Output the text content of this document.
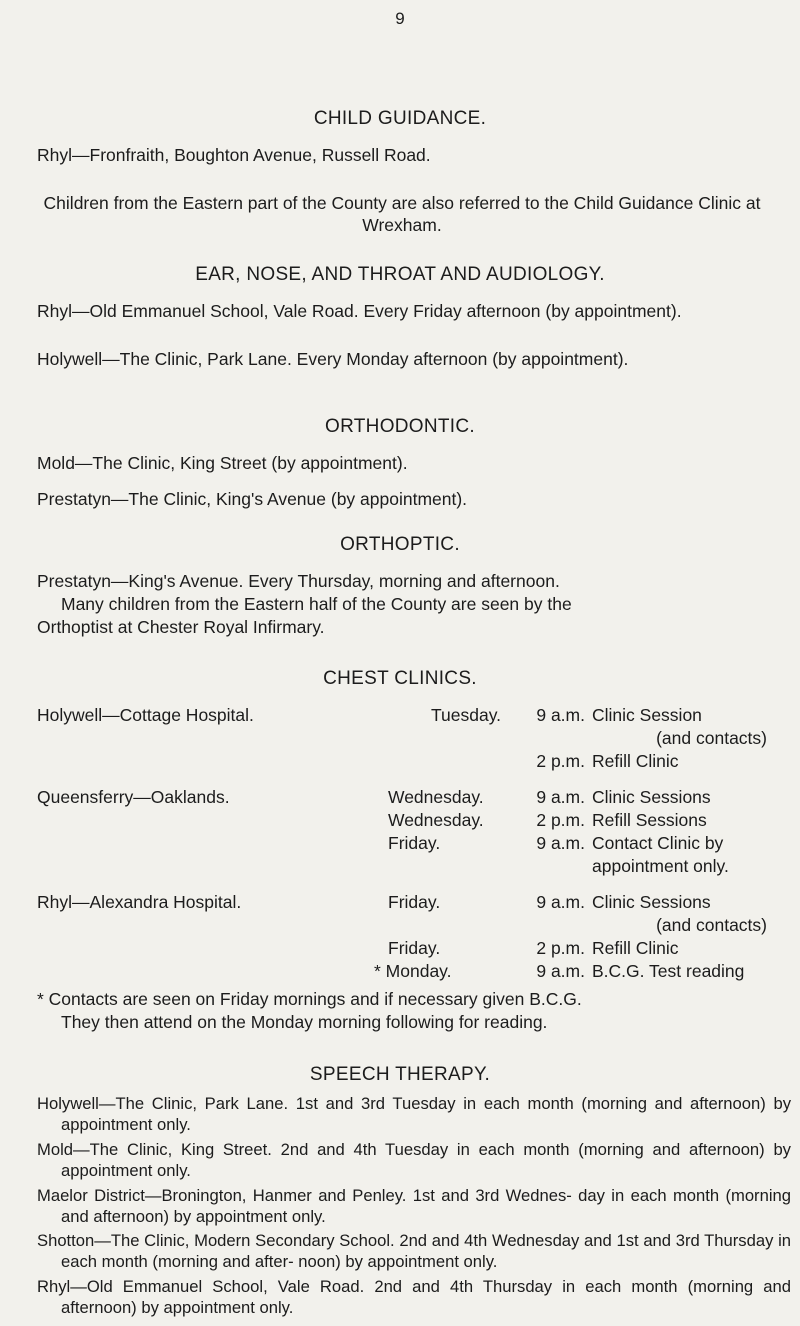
9
CHILD GUIDANCE.
Rhyl—Fronfraith, Boughton Avenue, Russell Road.
Children from the Eastern part of the County are also referred to the Child Guidance Clinic at Wrexham.
EAR, NOSE, AND THROAT AND AUDIOLOGY.
Rhyl—Old Emmanuel School, Vale Road. Every Friday afternoon (by appointment).
Holywell—The Clinic, Park Lane. Every Monday afternoon (by appointment).
ORTHODONTIC.
Mold—The Clinic, King Street (by appointment).
Prestatyn—The Clinic, King's Avenue (by appointment).
ORTHOPTIC.
Prestatyn—King's Avenue. Every Thursday, morning and afternoon.
Many children from the Eastern half of the County are seen by the
Orthoptist at Chester Royal Infirmary.
CHEST CLINICS.
Holywell—Cottage Hospital.	Tuesday.	9 a.m. Clinic Session
(and contacts)
2 p.m. Refill Clinic
Queensferry—Oaklands.	Wednesday.	9 a.m. Clinic Sessions
Wednesday.	2 p.m. Refill Sessions
Friday.	9 a.m. Contact Clinic by
appointment only.
Rhyl—Alexandra Hospital.	Friday.	9 a.m. Clinic Sessions
(and contacts)
Friday.	2 p.m. Refill Clinic
* Monday.	9 a.m. B.C.G. Test reading
* Contacts are seen on Friday mornings and if necessary given B.C.G.
They then attend on the Monday morning following for reading.
SPEECH THERAPY.
Holywell—The Clinic, Park Lane. 1st and 3rd Tuesday in each month (morning and afternoon) by appointment only.
Mold—The Clinic, King Street. 2nd and 4th Tuesday in each month (morning and afternoon) by appointment only.
Maelor District—Bronington, Hanmer and Penley. 1st and 3rd Wednes- day in each month (morning and afternoon) by appointment only.
Shotton—The Clinic, Modern Secondary School. 2nd and 4th Wednesday and 1st and 3rd Thursday in each month (morning and after- noon) by appointment only.
Rhyl—Old Emmanuel School, Vale Road. 2nd and 4th Thursday in each month (morning and afternoon) by appointment only.
